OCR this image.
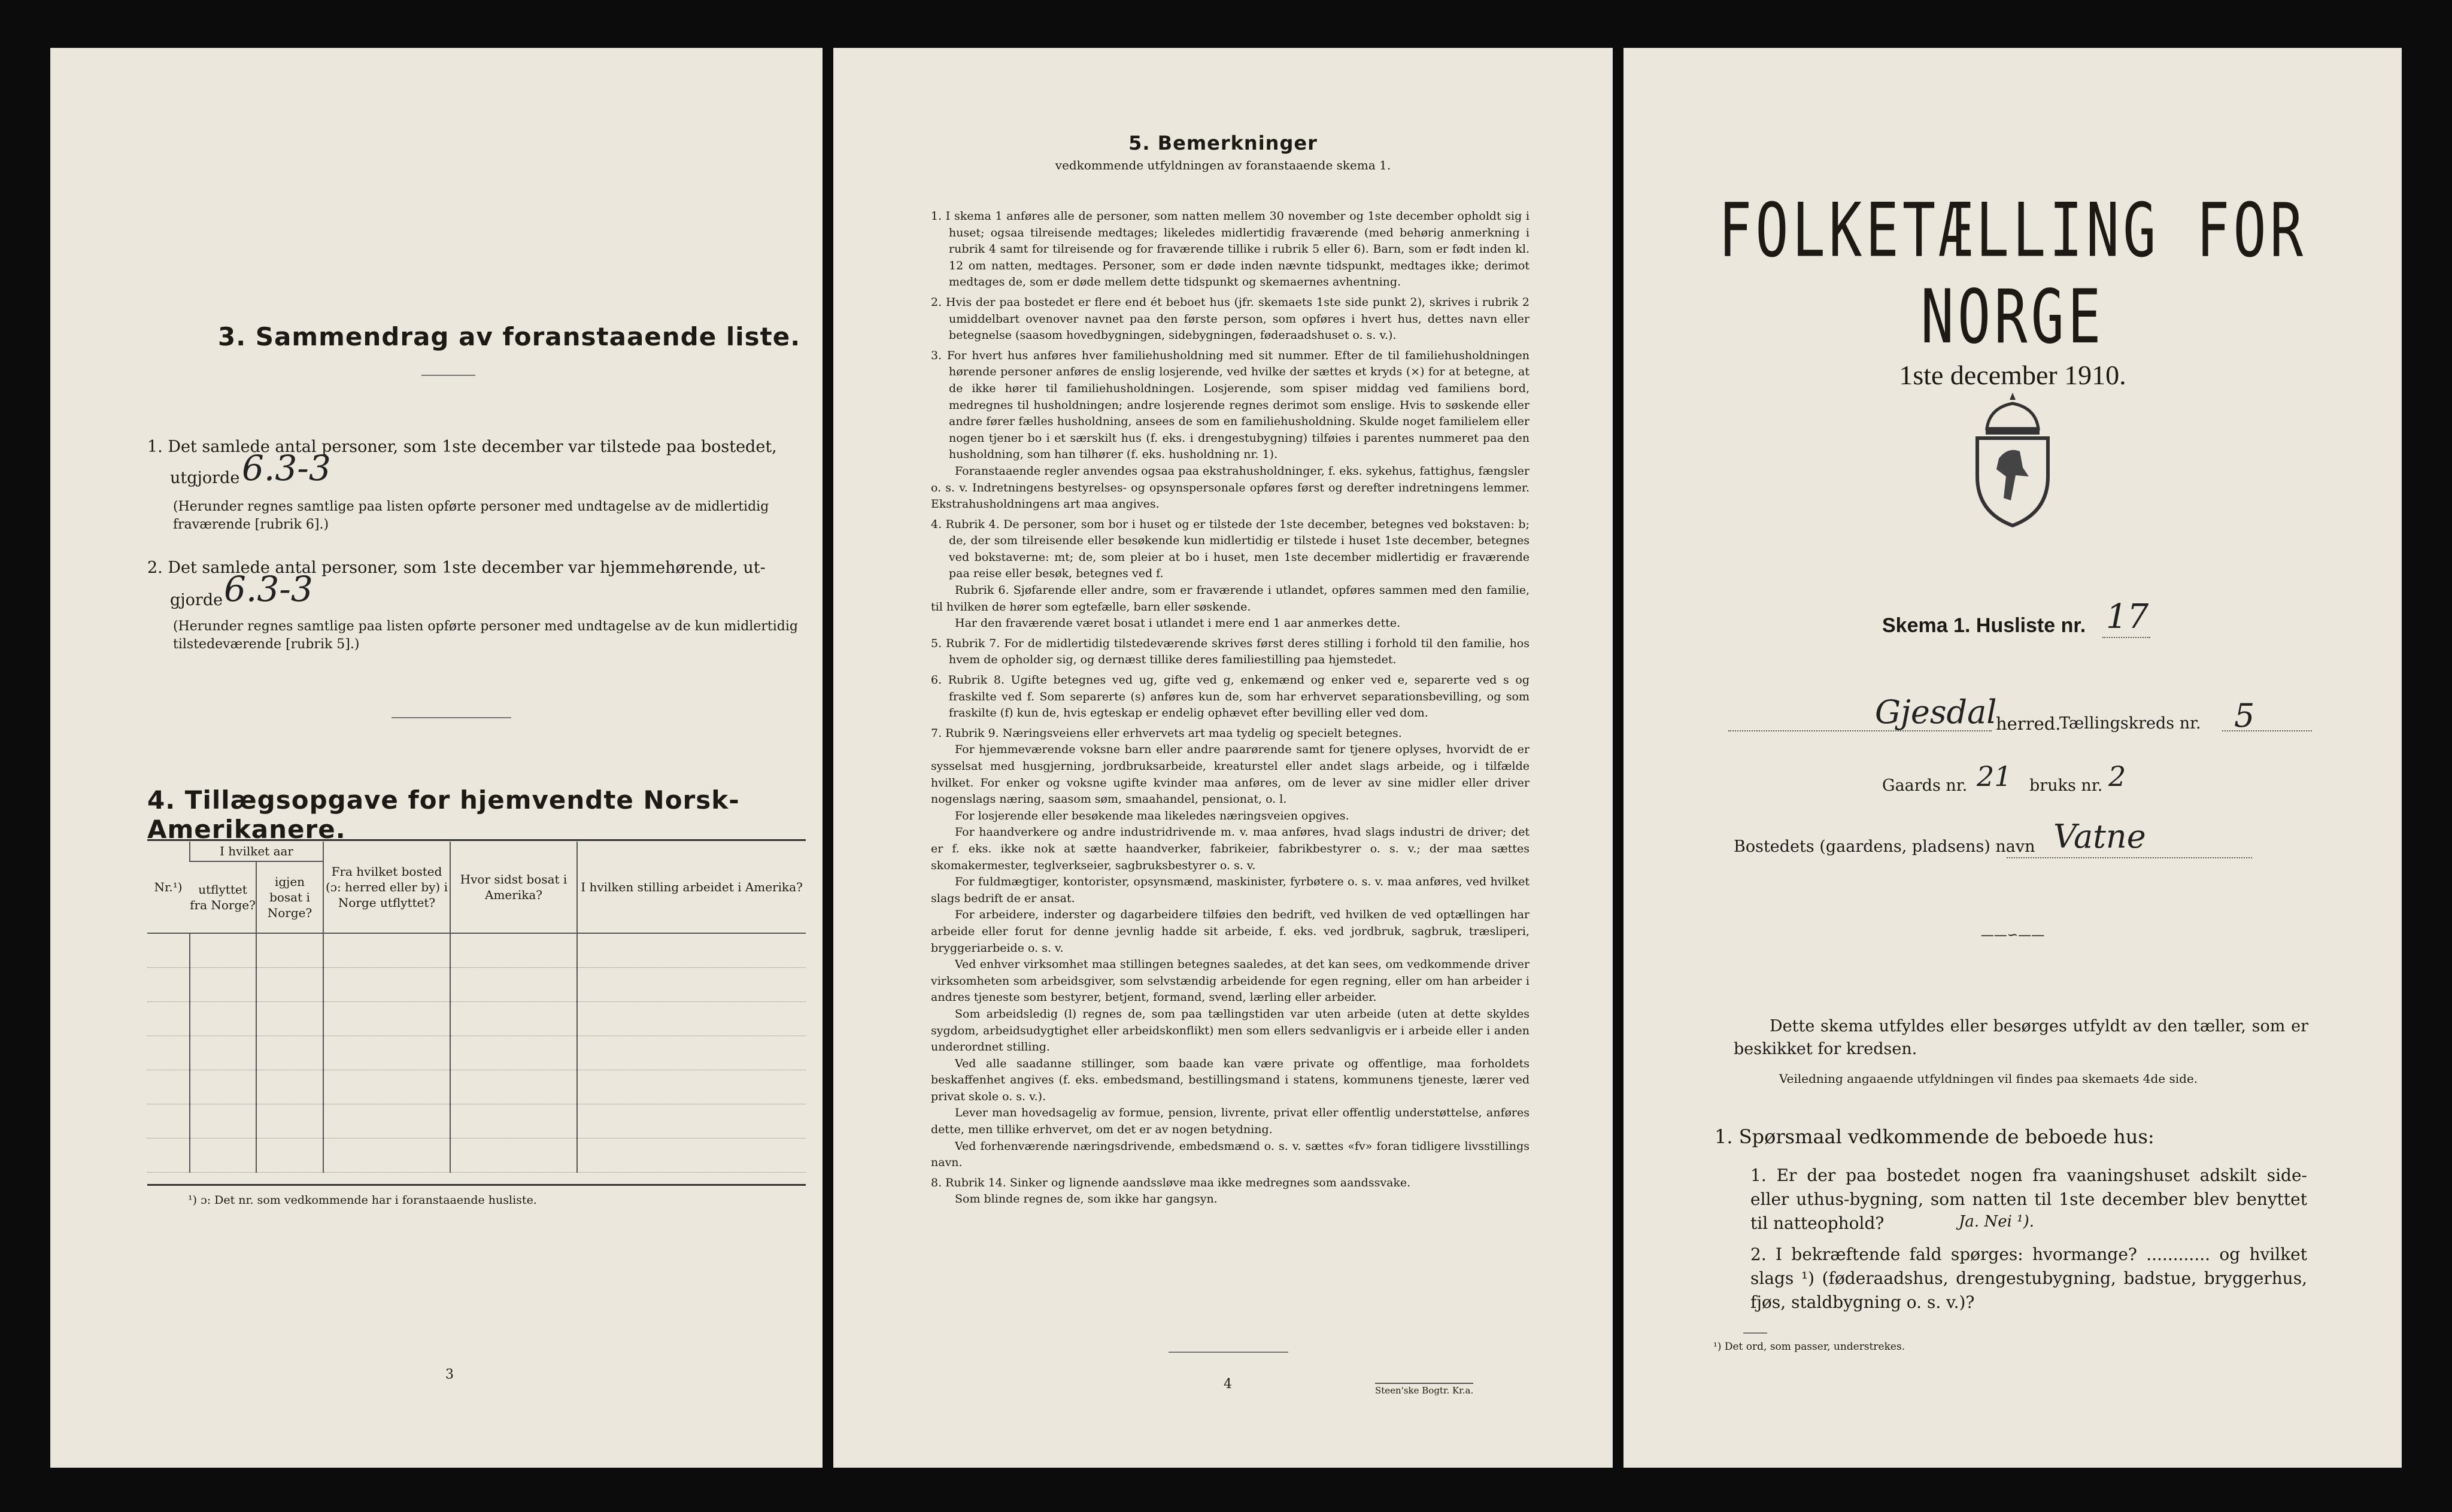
3. Sammendrag av foranstaaende liste.

1. Det samlede antal personer, som 1ste december var tilstede paa bostedet,

utgjorde 6.3-3

(Herunder regnes samtlige paa listen opførte personer med undtagelse av de midlertidig fraværende [rubrik 6].)

2. Det samlede antal personer, som 1ste december var hjemmehørende, ut-

gjorde 6.3-3

(Herunder regnes samtlige paa listen opførte personer med undtagelse av de kun midlertidig tilstedeværende [rubrik 5].)

4. Tillægsopgave for hjemvendte Norsk-Amerikanere.
Nr.¹)	I hvilket aar		Fra hvilket bosted (ɔ: herred eller by) i Norge utflyttet?	Hvor sidst bosat i Amerika?	I hvilken stilling arbeidet i Amerika?
	utflyttet fra Norge?	igjen bosat i Norge?			

¹) ɔ: Det nr. som vedkommende har i foranstaaende husliste.

3
5. Bemerkninger

vedkommende utfyldningen av foranstaaende skema 1.

1. I skema 1 anføres alle de personer, som natten mellem 30 november og 1ste december opholdt sig i huset; ogsaa tilreisende medtages; likeledes midlertidig fraværende (med behørig anmerkning i rubrik 4 samt for tilreisende og for fraværende tillike i rubrik 5 eller 6). Barn, som er født inden kl. 12 om natten, medtages. Personer, som er døde inden nævnte tidspunkt, medtages ikke; derimot medtages de, som er døde mellem dette tidspunkt og skemaernes avhentning.

2. Hvis der paa bostedet er flere end ét beboet hus (jfr. skemaets 1ste side punkt 2), skrives i rubrik 2 umiddelbart ovenover navnet paa den første person, som opføres i hvert hus, dettes navn eller betegnelse (saasom hovedbygningen, sidebygningen, føderaadshuset o. s. v.).

3. For hvert hus anføres hver familiehusholdning med sit nummer. Efter de til familiehusholdningen hørende personer anføres de enslig losjerende, ved hvilke der sættes et kryds (×) for at betegne, at de ikke hører til familiehusholdningen. Losjerende, som spiser middag ved familiens bord, medregnes til husholdningen; andre losjerende regnes derimot som enslige. Hvis to søskende eller andre fører fælles husholdning, ansees de som en familiehusholdning. Skulde noget familielem eller nogen tjener bo i et særskilt hus (f. eks. i drengestubygning) tilføies i parentes nummeret paa den husholdning, som han tilhører (f. eks. husholdning nr. 1).

Foranstaaende regler anvendes ogsaa paa ekstrahusholdninger, f. eks. sykehus, fattighus, fængsler o. s. v. Indretningens bestyrelses- og opsynspersonale opføres først og derefter indretningens lemmer. Ekstrahusholdningens art maa angives.

4. Rubrik 4. De personer, som bor i huset og er tilstede der 1ste december, betegnes ved bokstaven: b; de, der som tilreisende eller besøkende kun midlertidig er tilstede i huset 1ste december, betegnes ved bokstaverne: mt; de, som pleier at bo i huset, men 1ste december midlertidig er fraværende paa reise eller besøk, betegnes ved f.

Rubrik 6. Sjøfarende eller andre, som er fraværende i utlandet, opføres sammen med den familie, til hvilken de hører som egtefælle, barn eller søskende.

Har den fraværende været bosat i utlandet i mere end 1 aar anmerkes dette.

5. Rubrik 7. For de midlertidig tilstedeværende skrives først deres stilling i forhold til den familie, hos hvem de opholder sig, og dernæst tillike deres familiestilling paa hjemstedet.

6. Rubrik 8. Ugifte betegnes ved ug, gifte ved g, enkemænd og enker ved e, separerte ved s og fraskilte ved f. Som separerte (s) anføres kun de, som har erhvervet separationsbevilling, og som fraskilte (f) kun de, hvis egteskap er endelig ophævet efter bevilling eller ved dom.

7. Rubrik 9. Næringsveiens eller erhvervets art maa tydelig og specielt betegnes.

For hjemmeværende voksne barn eller andre paarørende samt for tjenere oplyses, hvorvidt de er sysselsat med husgjerning, jordbruksarbeide, kreaturstel eller andet slags arbeide, og i tilfælde hvilket. For enker og voksne ugifte kvinder maa anføres, om de lever av sine midler eller driver nogenslags næring, saasom søm, smaahandel, pensionat, o. l.

For losjerende eller besøkende maa likeledes næringsveien opgives.

For haandverkere og andre industridrivende m. v. maa anføres, hvad slags industri de driver; det er f. eks. ikke nok at sætte haandverker, fabrikeier, fabrikbestyrer o. s. v.; der maa sættes skomakermester, teglverkseier, sagbruksbestyrer o. s. v.

For fuldmægtiger, kontorister, opsynsmænd, maskinister, fyrbøtere o. s. v. maa anføres, ved hvilket slags bedrift de er ansat.

For arbeidere, inderster og dagarbeidere tilføies den bedrift, ved hvilken de ved optællingen har arbeide eller forut for denne jevnlig hadde sit arbeide, f. eks. ved jordbruk, sagbruk, træsliperi, bryggeriarbeide o. s. v.

Ved enhver virksomhet maa stillingen betegnes saaledes, at det kan sees, om vedkommende driver virksomheten som arbeidsgiver, som selvstændig arbeidende for egen regning, eller om han arbeider i andres tjeneste som bestyrer, betjent, formand, svend, lærling eller arbeider.

Som arbeidsledig (l) regnes de, som paa tællingstiden var uten arbeide (uten at dette skyldes sygdom, arbeidsudygtighet eller arbeidskonflikt) men som ellers sedvanligvis er i arbeide eller i anden underordnet stilling.

Ved alle saadanne stillinger, som baade kan være private og offentlige, maa forholdets beskaffenhet angives (f. eks. embedsmand, bestillingsmand i statens, kommunens tjeneste, lærer ved privat skole o. s. v.).

Lever man hovedsagelig av formue, pension, livrente, privat eller offentlig understøttelse, anføres dette, men tillike erhvervet, om det er av nogen betydning.

Ved forhenværende næringsdrivende, embedsmænd o. s. v. sættes «fv» foran tidligere livsstillings navn.

8. Rubrik 14. Sinker og lignende aandssløve maa ikke medregnes som aandssvake.

Som blinde regnes de, som ikke har gangsyn.

4	Steen'ske Bogtr. Kr.a.
FOLKETÆLLING FOR NORGE

1ste december 1910.

Skema 1. Husliste nr. 17
Gjesdal
herred.
Tællingskreds nr. 5
Gaards nr. 21 bruks nr. 2
Bostedets (gaardens, pladsens) navn Vatne
——∽——

Dette skema utfyldes eller besørges utfyldt av den tæller, som er beskikket for kredsen.

Veiledning angaaende utfyldningen vil findes paa skemaets 4de side.

1. Spørsmaal vedkommende de beboede hus:

1. Er der paa bostedet nogen fra vaaningshuset adskilt side- eller uthus-bygning, som natten til 1ste december blev benyttet til natteophold?	Ja. Nei ¹).

2. I bekræftende fald spørges: hvormange? ............ og hvilket slags ¹) (føderaadshus, drengestubygning, badstue, bryggerhus, fjøs, staldbygning o. s. v.)?

¹) Det ord, som passer, understrekes.
